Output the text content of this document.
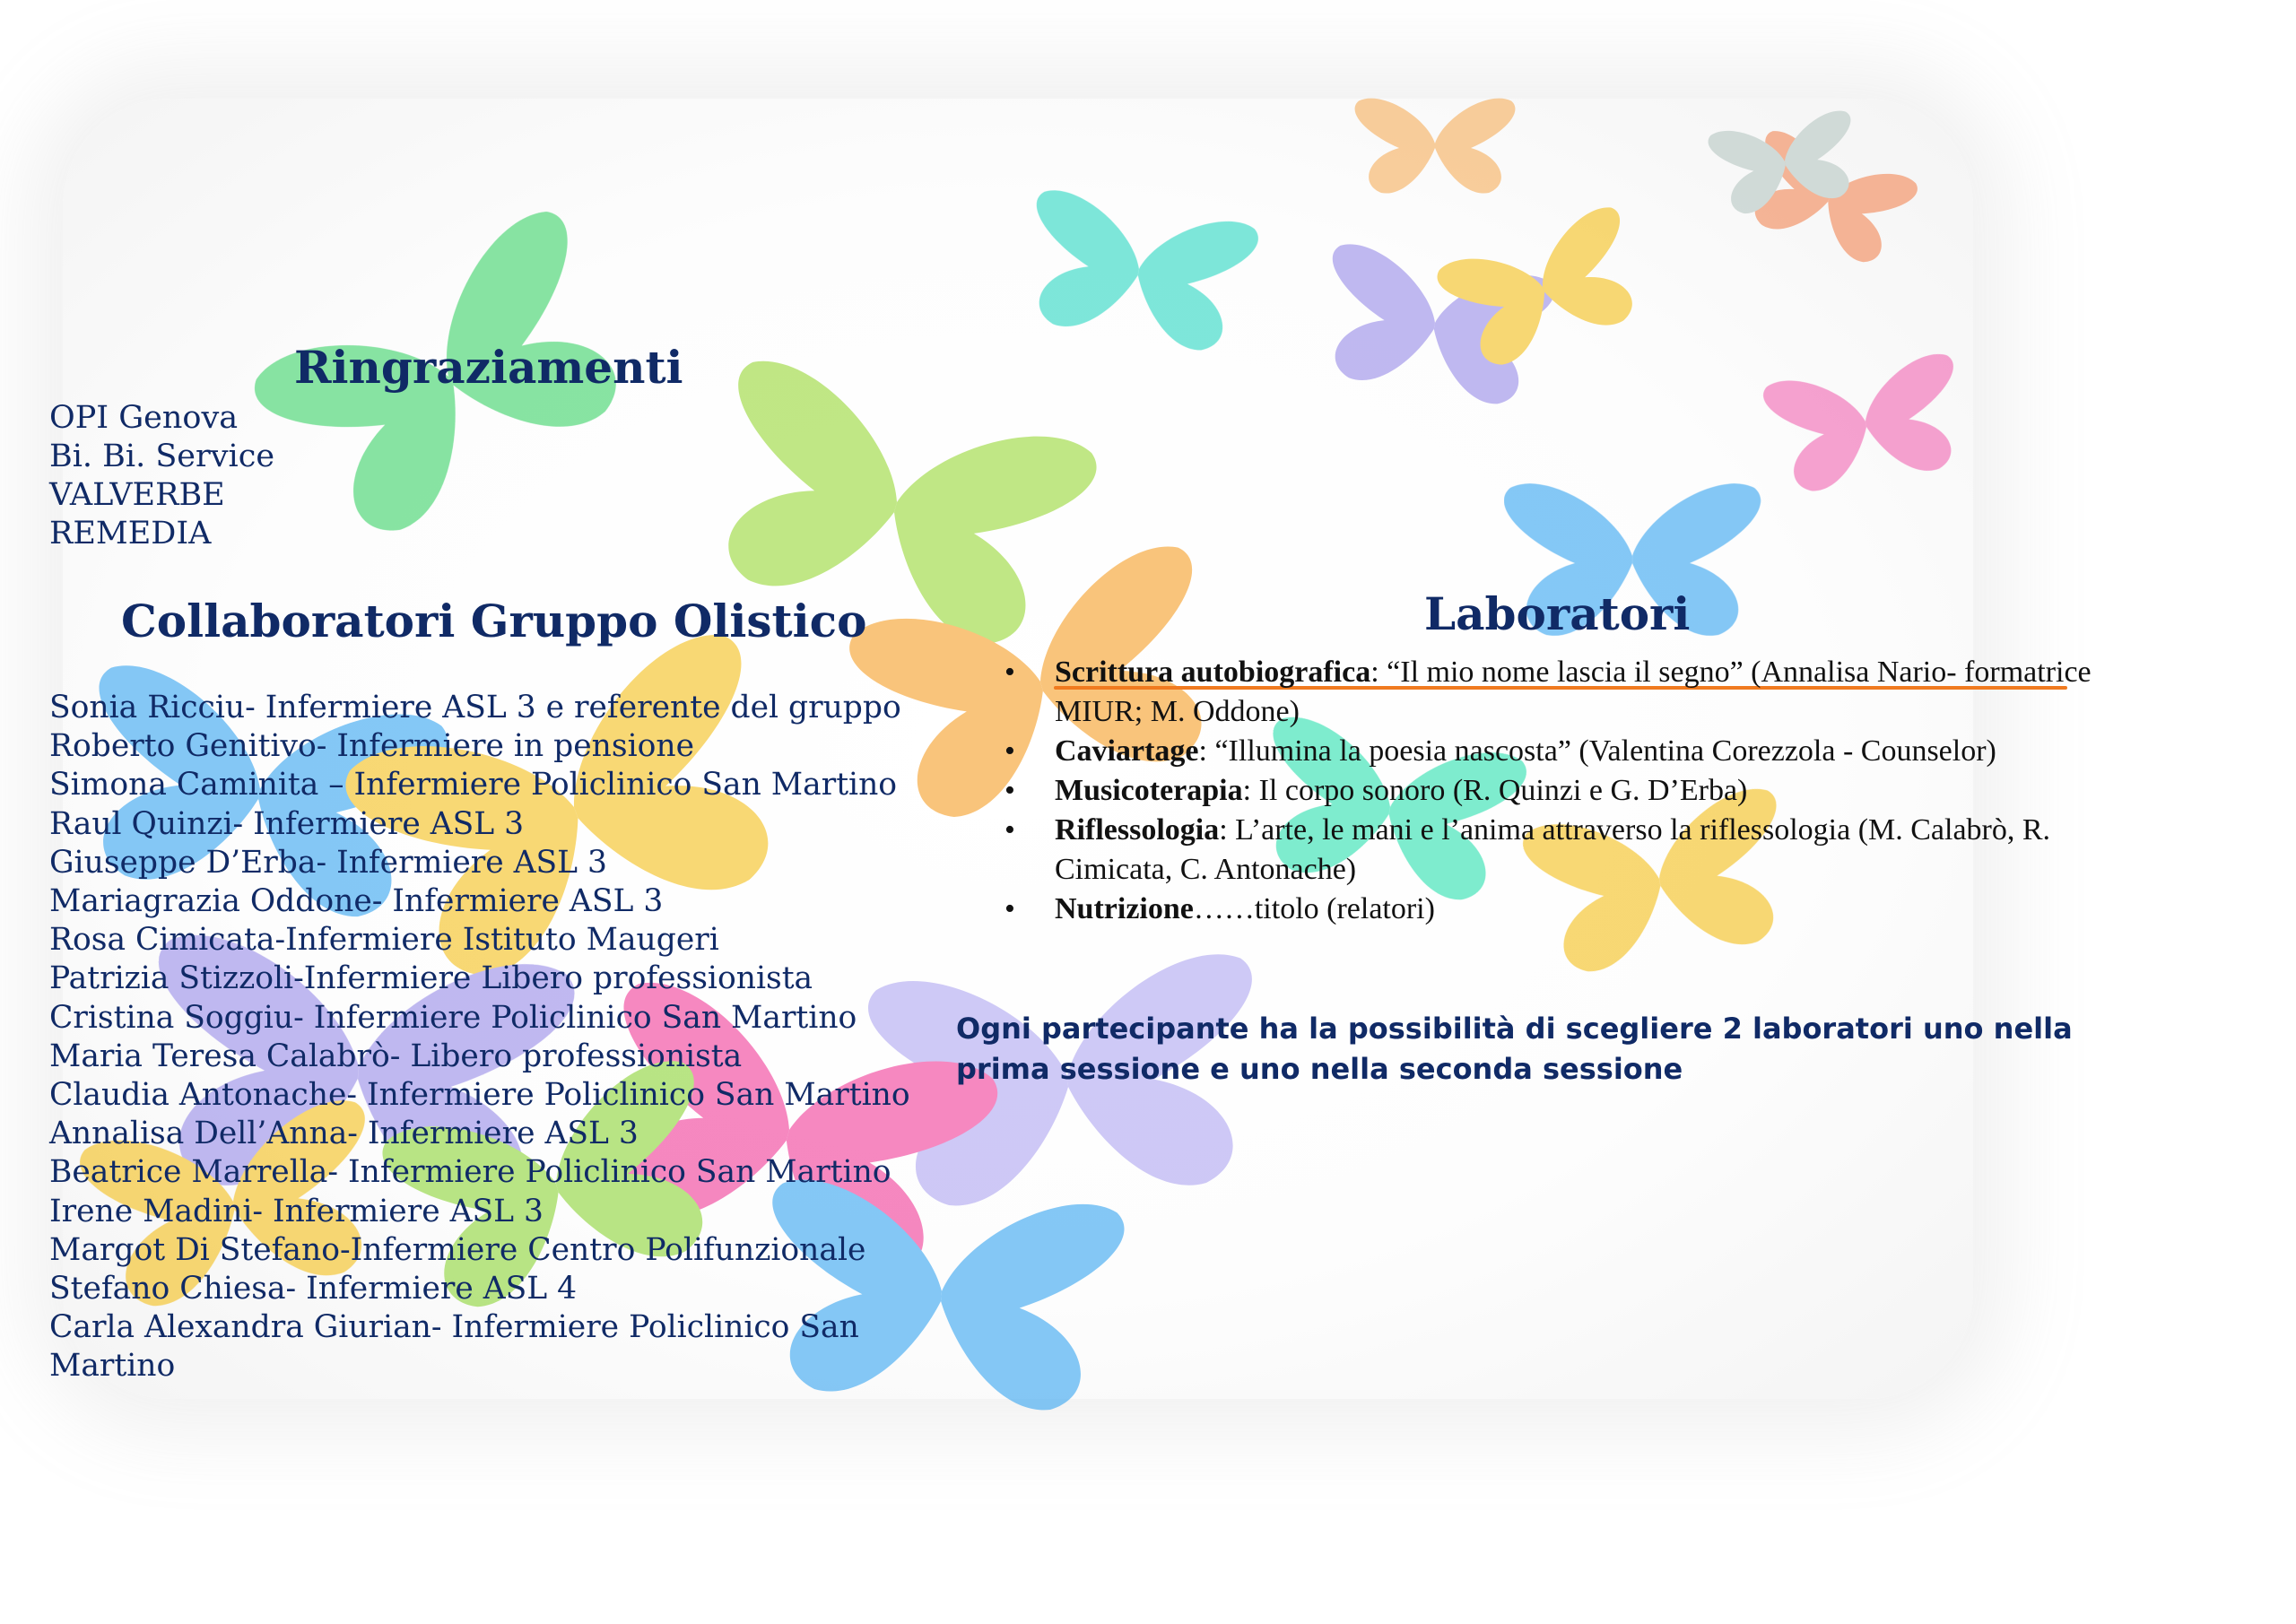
Ringraziamenti
OPI Genova
Bi. Bi. Service
VALVERBE
REMEDIA
Collaboratori Gruppo Olistico
Sonia Ricciu- Infermiere ASL 3 e referente del gruppo
Roberto Genitivo- Infermiere in pensione
Simona Caminita – Infermiere Policlinico San Martino
Raul Quinzi- Infermiere ASL 3
Giuseppe D’Erba- Infermiere ASL 3
Mariagrazia Oddone- Infermiere ASL 3
Rosa Cimicata-Infermiere Istituto Maugeri
Patrizia Stizzoli-Infermiere Libero professionista
Cristina Soggiu- Infermiere Policlinico San Martino
Maria Teresa Calabrò- Libero professionista
Claudia Antonache- Infermiere Policlinico San Martino
Annalisa Dell’Anna- Infermiere ASL 3
Beatrice Marrella- Infermiere Policlinico San Martino
Irene Madini- Infermiere ASL 3
Margot Di Stefano-Infermiere Centro Polifunzionale
Stefano Chiesa- Infermiere ASL 4
Carla Alexandra Giurian- Infermiere Policlinico San Martino
Laboratori
• Scrittura autobiografica: “Il mio nome lascia il segno” (Annalisa Nario- formatrice MIUR; M. Oddone)
• Caviartage: “Illumina la poesia nascosta” (Valentina Corezzola - Counselor)
• Musicoterapia: Il corpo sonoro (R. Quinzi e G. D’Erba)
• Riflessologia: L’arte, le mani e l’anima attraverso la riflessologia (M. Calabrò, R. Cimicata, C. Antonache)
• Nutrizione……titolo (relatori)
Ogni partecipante ha la possibilità di scegliere 2 laboratori uno nella prima sessione e uno nella seconda sessione
